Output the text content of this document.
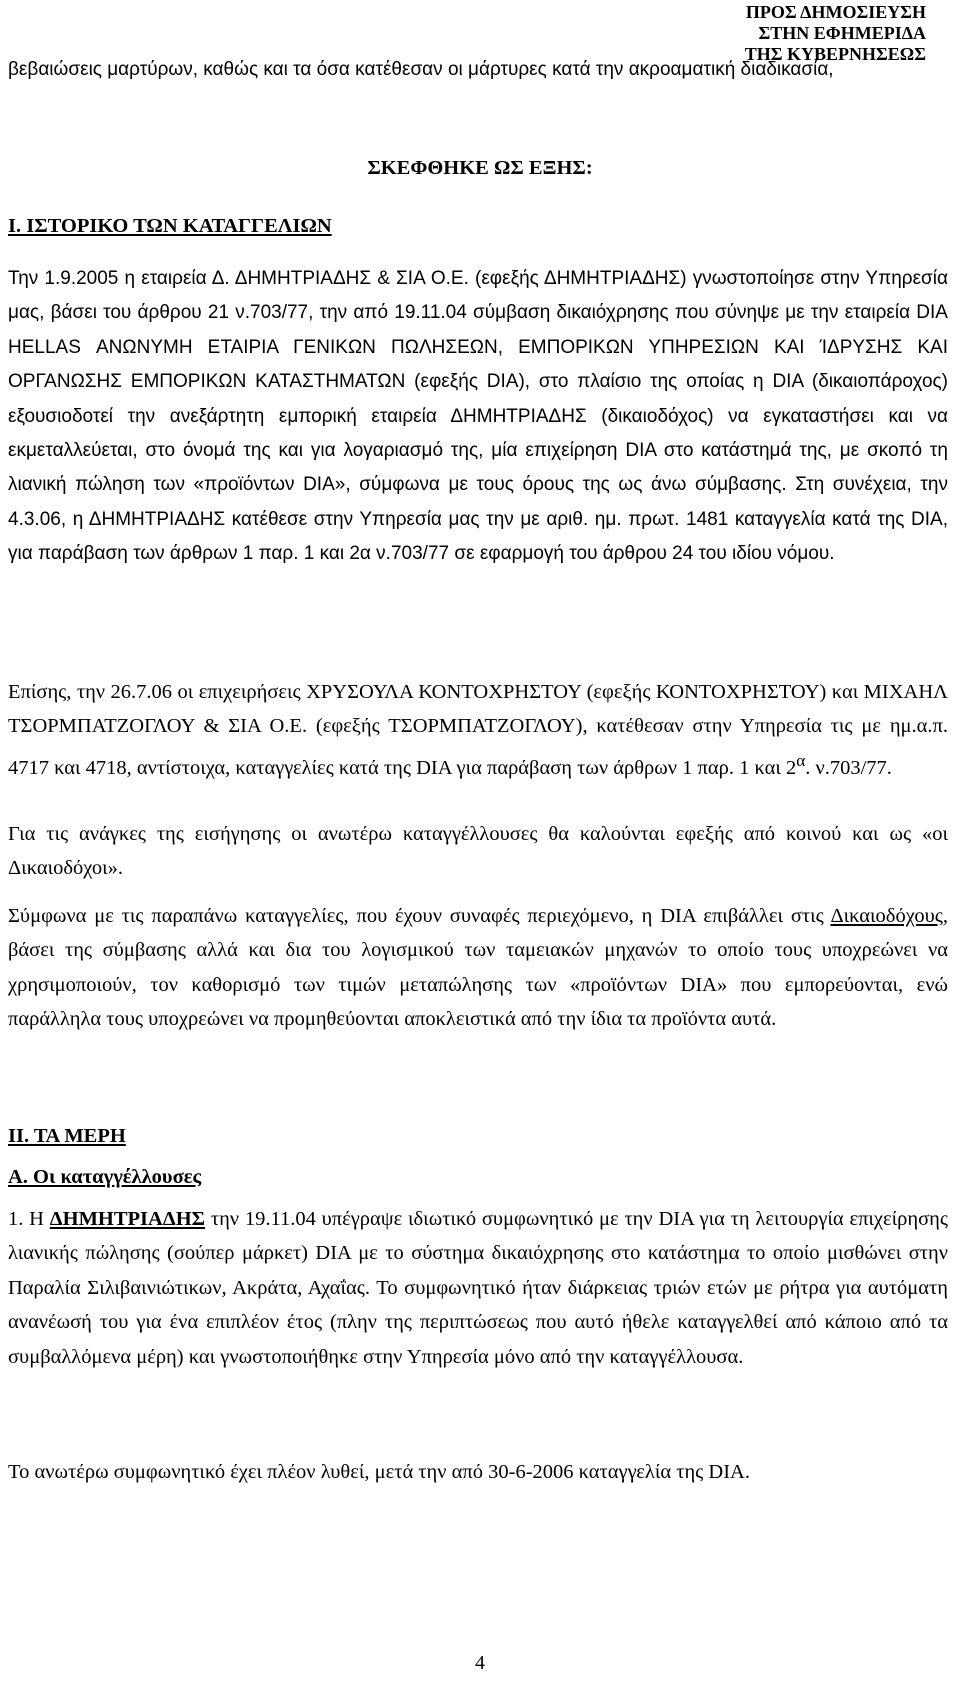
ΠΡΟΣ ΔΗΜΟΣΙΕΥΣΗ
ΣΤΗΝ ΕΦΗΜΕΡΙΔΑ
ΤΗΣ ΚΥΒΕΡΝΗΣΕΩΣ

βεβαιώσεις μαρτύρων, καθώς και τα όσα κατέθεσαν οι μάρτυρες κατά την ακροαματική διαδικασία,

ΣΚΕΦΘΗΚΕ ΩΣ ΕΞΗΣ:

Ι. ΙΣΤΟΡΙΚΟ ΤΩΝ ΚΑΤΑΓΓΕΛΙΩΝ

Την 1.9.2005 η εταιρεία Δ. ΔΗΜΗΤΡΙΑΔΗΣ & ΣΙΑ Ο.Ε. (εφεξής ΔΗΜΗΤΡΙΑΔΗΣ) γνωστοποίησε στην Υπηρεσία μας, βάσει του άρθρου 21 ν.703/77, την από 19.11.04 σύμβαση δικαιόχρησης που σύνηψε με την εταιρεία DIA HELLAS ΑΝΩΝΥΜΗ ΕΤΑΙΡΙΑ ΓΕΝΙΚΩΝ ΠΩΛΗΣΕΩΝ, ΕΜΠΟΡΙΚΩΝ ΥΠΗΡΕΣΙΩΝ ΚΑΙ ΊΔΡΥΣΗΣ ΚΑΙ ΟΡΓΑΝΩΣΗΣ ΕΜΠΟΡΙΚΩΝ ΚΑΤΑΣΤΗΜΑΤΩΝ (εφεξής DIA), στο πλαίσιο της οποίας η DIA (δικαιοπάροχος) εξουσιοδοτεί την ανεξάρτητη εμπορική εταιρεία ΔΗΜΗΤΡΙΑΔΗΣ (δικαιοδόχος) να εγκαταστήσει και να εκμεταλλεύεται, στο όνομά της και για λογαριασμό της, μία επιχείρηση DIA στο κατάστημά της, με σκοπό τη λιανική πώληση των «προϊόντων DIA», σύμφωνα με τους όρους της ως άνω σύμβασης. Στη συνέχεια, την 4.3.06, η ΔΗΜΗΤΡΙΑΔΗΣ κατέθεσε στην Υπηρεσία μας την με αριθ. ημ. πρωτ. 1481 καταγγελία κατά της DIA, για παράβαση των άρθρων 1 παρ. 1 και 2α ν.703/77 σε εφαρμογή του άρθρου 24 του ιδίου νόμου.

Επίσης, την 26.7.06 οι επιχειρήσεις ΧΡΥΣΟΥΛΑ ΚΟΝΤΟΧΡΗΣΤΟΥ (εφεξής ΚΟΝΤΟΧΡΗΣΤΟΥ) και ΜΙΧΑΗΛ ΤΣΟΡΜΠΑΤΖΟΓΛΟΥ & ΣΙΑ Ο.Ε. (εφεξής ΤΣΟΡΜΠΑΤΖΟΓΛΟΥ), κατέθεσαν στην Υπηρεσία τις με ημ.α.π. 4717 και 4718, αντίστοιχα, καταγγελίες κατά της DIA για παράβαση των άρθρων 1 παρ. 1 και $2^\alpha$. ν.703/77.

Για τις ανάγκες της εισήγησης οι ανωτέρω καταγγέλλουσες θα καλούνται εφεξής από κοινού και ως «οι Δικαιοδόχοι».

Σύμφωνα με τις παραπάνω καταγγελίες, που έχουν συναφές περιεχόμενο, η DIA επιβάλλει στις Δικαιοδόχους, βάσει της σύμβασης αλλά και δια του λογισμικού των ταμειακών μηχανών το οποίο τους υποχρεώνει να χρησιμοποιούν, τον καθορισμό των τιμών μεταπώλησης των «προϊόντων DIA» που εμπορεύονται, ενώ παράλληλα τους υποχρεώνει να προμηθεύονται αποκλειστικά από την ίδια τα προϊόντα αυτά.

ΙΙ. ΤΑ ΜΕΡΗ

Α. Οι καταγγέλλουσες

1. Η ΔΗΜΗΤΡΙΑΔΗΣ την 19.11.04 υπέγραψε ιδιωτικό συμφωνητικό με την DIA για τη λειτουργία επιχείρησης λιανικής πώλησης (σούπερ μάρκετ) DIA με το σύστημα δικαιόχρησης στο κατάστημα το οποίο μισθώνει στην Παραλία Σιλιβαινιώτικων, Ακράτα, Αχαΐας. Το συμφωνητικό ήταν διάρκειας τριών ετών με ρήτρα για αυτόματη ανανέωσή του για ένα επιπλέον έτος (πλην της περιπτώσεως που αυτό ήθελε καταγγελθεί από κάποιο από τα συμβαλλόμενα μέρη) και γνωστοποιήθηκε στην Υπηρεσία μόνο από την καταγγέλλουσα.

Το ανωτέρω συμφωνητικό έχει πλέον λυθεί, μετά την από 30-6-2006 καταγγελία της DIA.

4
